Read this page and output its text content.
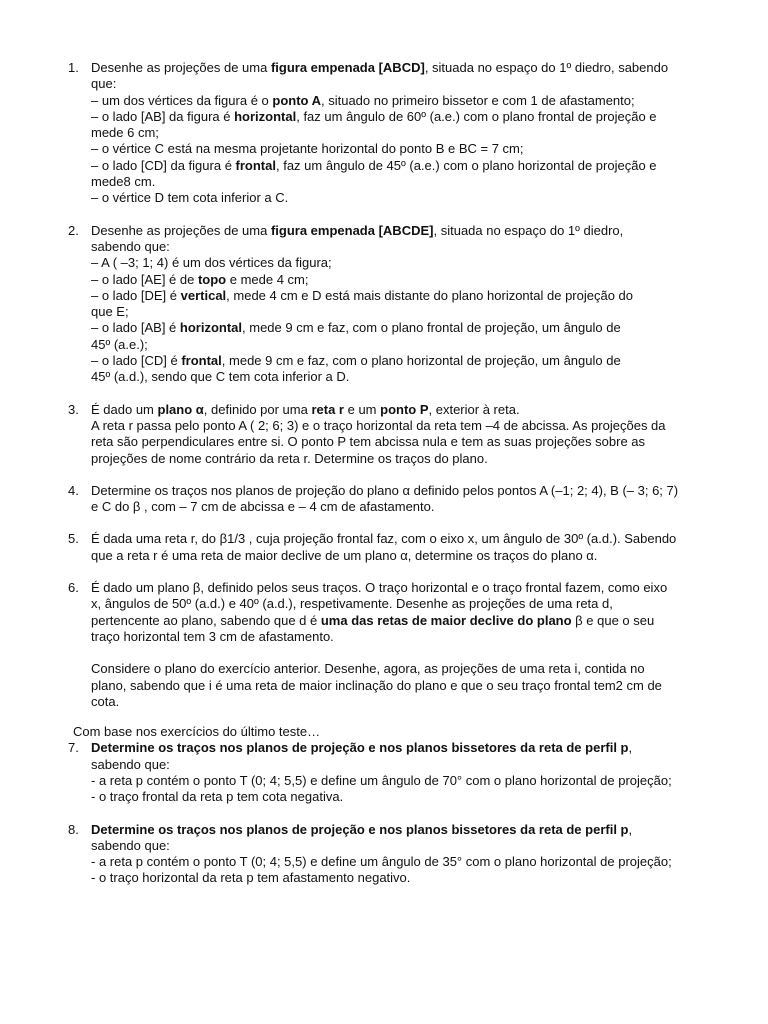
1. Desenhe as projeções de uma figura empenada [ABCD], situada no espaço do 1º diedro, sabendo
que:
– um dos vértices da figura é o ponto A, situado no primeiro bissetor e com 1 de afastamento;
– o lado [AB] da figura é horizontal, faz um ângulo de 60º (a.e.) com o plano frontal de projeção e
mede 6 cm;
– o vértice C está na mesma projetante horizontal do ponto B e BC = 7 cm;
– o lado [CD] da figura é frontal, faz um ângulo de 45º (a.e.) com o plano horizontal de projeção e
mede8 cm.
– o vértice D tem cota inferior a C.
2. Desenhe as projeções de uma figura empenada [ABCDE], situada no espaço do 1º diedro,
sabendo que:
– A ( –3; 1; 4) é um dos vértices da figura;
– o lado [AE] é de topo e mede 4 cm;
– o lado [DE] é vertical, mede 4 cm e D está mais distante do plano horizontal de projeção do
que E;
– o lado [AB] é horizontal, mede 9 cm e faz, com o plano frontal de projeção, um ângulo de
45º (a.e.);
– o lado [CD] é frontal, mede 9 cm e faz, com o plano horizontal de projeção, um ângulo de
45º (a.d.), sendo que C tem cota inferior a D.
3. É dado um plano α, definido por uma reta r e um ponto P, exterior à reta.
A reta r passa pelo ponto A ( 2; 6; 3) e o traço horizontal da reta tem –4 de abcissa. As projeções da
reta são perpendiculares entre si. O ponto P tem abcissa nula e tem as suas projeções sobre as
projeções de nome contrário da reta r. Determine os traços do plano.
4. Determine os traços nos planos de projeção do plano α definido pelos pontos A (–1; 2; 4), B (– 3; 6; 7)
e C do β , com – 7 cm de abcissa e – 4 cm de afastamento.
5. É dada uma reta r, do β1/3 , cuja projeção frontal faz, com o eixo x, um ângulo de 30º (a.d.). Sabendo
que a reta r é uma reta de maior declive de um plano α, determine os traços do plano α.
6. É dado um plano β, definido pelos seus traços. O traço horizontal e o traço frontal fazem, como eixo
x, ângulos de 50º (a.d.) e 40º (a.d.), respetivamente. Desenhe as projeções de uma reta d,
pertencente ao plano, sabendo que d é uma das retas de maior declive do plano β e que o seu
traço horizontal tem 3 cm de afastamento.
Considere o plano do exercício anterior. Desenhe, agora, as projeções de uma reta i, contida no
plano, sabendo que i é uma reta de maior inclinação do plano e que o seu traço frontal tem2 cm de
cota.
Com base nos exercícios do último teste…
7. Determine os traços nos planos de projeção e nos planos bissetores da reta de perfil p,
sabendo que:
- a reta p contém o ponto T (0; 4; 5,5) e define um ângulo de 70° com o plano horizontal de projeção;
- o traço frontal da reta p tem cota negativa.
8. Determine os traços nos planos de projeção e nos planos bissetores da reta de perfil p,
sabendo que:
- a reta p contém o ponto T (0; 4; 5,5) e define um ângulo de 35° com o plano horizontal de projeção;
- o traço horizontal da reta p tem afastamento negativo.
